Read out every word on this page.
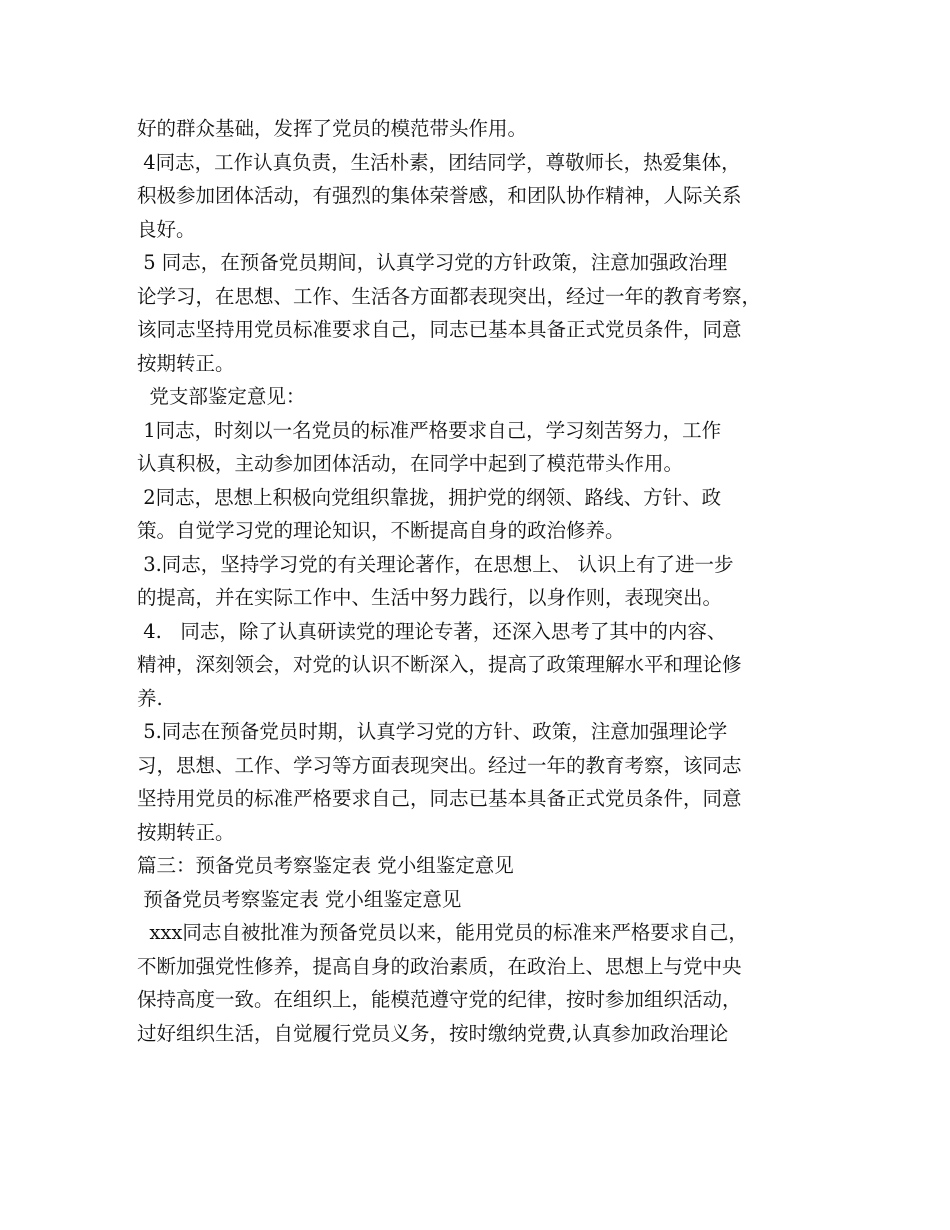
好的群众基础，发挥了党员的模范带头作用。
4同志，工作认真负责，生活朴素，团结同学，尊敬师长，热爱集体，
积极参加团体活动，有强烈的集体荣誉感，和团队协作精神，人际关系
良好。
5 同志，在预备党员期间，认真学习党的方针政策，注意加强政治理
论学习，在思想、工作、生活各方面都表现突出，经过一年的教育考察，
该同志坚持用党员标准要求自己，同志已基本具备正式党员条件，同意
按期转正。
党支部鉴定意见：
1同志，时刻以一名党员的标准严格要求自己，学习刻苦努力，工作
认真积极，主动参加团体活动，在同学中起到了模范带头作用。
2同志，思想上积极向党组织靠拢，拥护党的纲领、路线、方针、政
策。自觉学习党的理论知识，不断提高自身的政治修养。
3.同志，坚持学习党的有关理论著作，在思想上、 认识上有了进一步
的提高，并在实际工作中、生活中努力践行，以身作则，表现突出。
4.   同志，除了认真研读党的理论专著，还深入思考了其中的内容、
精神，深刻领会，对党的认识不断深入，提高了政策理解水平和理论修
养.
5.同志在预备党员时期，认真学习党的方针、政策，注意加强理论学
习，思想、工作、学习等方面表现突出。经过一年的教育考察，该同志
坚持用党员的标准严格要求自己，同志已基本具备正式党员条件，同意
按期转正。
篇三：预备党员考察鉴定表 党小组鉴定意见
预备党员考察鉴定表 党小组鉴定意见
xxx同志自被批准为预备党员以来，能用党员的标准来严格要求自己，
不断加强党性修养，提高自身的政治素质，在政治上、思想上与党中央
保持高度一致。在组织上，能模范遵守党的纪律，按时参加组织活动，
过好组织生活，自觉履行党员义务，按时缴纳党费,认真参加政治理论
